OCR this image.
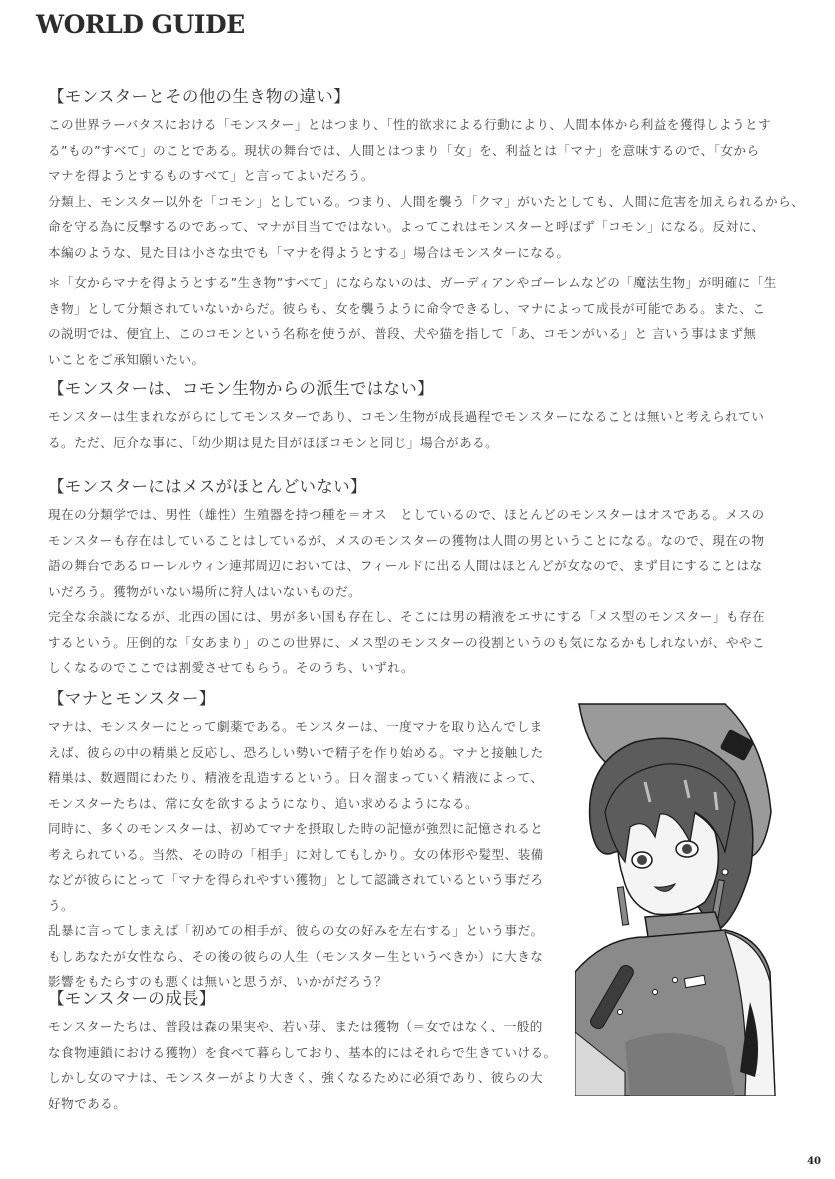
WORLD GUIDE
【モンスターとその他の生き物の違い】

この世界ラーバタスにおける「モンスター」とはつまり、「性的欲求による行動により、人間本体から利益を獲得しようとす
る”もの”すべて」のことである。現状の舞台では、人間とはつまり「女」を、利益とは「マナ」を意味するので、「女から
マナを得ようとするものすべて」と言ってよいだろう。
分類上、モンスター以外を「コモン」としている。つまり、人間を襲う「クマ」がいたとしても、人間に危害を加えられるから、
命を守る為に反撃するのであって、マナが目当てではない。よってこれはモンスターと呼ばず「コモン」になる。反対に、
本編のような、見た目は小さな虫でも「マナを得ようとする」場合はモンスターになる。

＊「女からマナを得ようとする”生き物”すべて」にならないのは、ガーディアンやゴーレムなどの「魔法生物」が明確に「生
き物」として分類されていないからだ。彼らも、女を襲うように命令できるし、マナによって成長が可能である。また、こ
の説明では、便宜上、このコモンという名称を使うが、普段、犬や猫を指して「あ、コモンがいる」と 言いう事はまず無
いことをご承知願いたい。

【モンスターは、コモン生物からの派生ではない】

モンスターは生まれながらにしてモンスターであり、コモン生物が成長過程でモンスターになることは無いと考えられてい
る。ただ、厄介な事に、「幼少期は見た目がほぼコモンと同じ」場合がある。

【モンスターにはメスがほとんどいない】

現在の分類学では、男性（雄性）生殖器を持つ種を＝オス　としているので、ほとんどのモンスターはオスである。メスの
モンスターも存在はしていることはしているが、メスのモンスターの獲物は人間の男ということになる。なので、現在の物
語の舞台であるローレルウィン連邦周辺においては、フィールドに出る人間はほとんどが女なので、まず目にすることはな
いだろう。獲物がいない場所に狩人はいないものだ。
完全な余談になるが、北西の国には、男が多い国も存在し、そこには男の精液をエサにする「メス型のモンスター」も存在
するという。圧倒的な「女あまり」のこの世界に、メス型のモンスターの役割というのも気になるかもしれないが、ややこ
しくなるのでここでは割愛させてもらう。そのうち、いずれ。

【マナとモンスター】

マナは、モンスターにとって劇薬である。モンスターは、一度マナを取り込んでしま
えば、彼らの中の精巣と反応し、恐ろしい勢いで精子を作り始める。マナと接触した
精巣は、数週間にわたり、精液を乱造するという。日々溜まっていく精液によって、
モンスターたちは、常に女を欲するようになり、追い求めるようになる。
同時に、多くのモンスターは、初めてマナを摂取した時の記憶が強烈に記憶されると
考えられている。当然、その時の「相手」に対してもしかり。女の体形や髪型、装備
などが彼らにとって「マナを得られやすい獲物」として認識されているという事だろ
う。
乱暴に言ってしまえば「初めての相手が、彼らの女の好みを左右する」という事だ。
もしあなたが女性なら、その後の彼らの人生（モンスター生というべきか）に大きな
影響をもたらすのも悪くは無いと思うが、いかがだろう？

【モンスターの成長】

モンスターたちは、普段は森の果実や、若い芽、または獲物（＝女ではなく、一般的
な食物連鎖における獲物）を食べて暮らしており、基本的にはそれらで生きていける。
しかし女のマナは、モンスターがより大きく、強くなるために必須であり、彼らの大
好物である。

40
